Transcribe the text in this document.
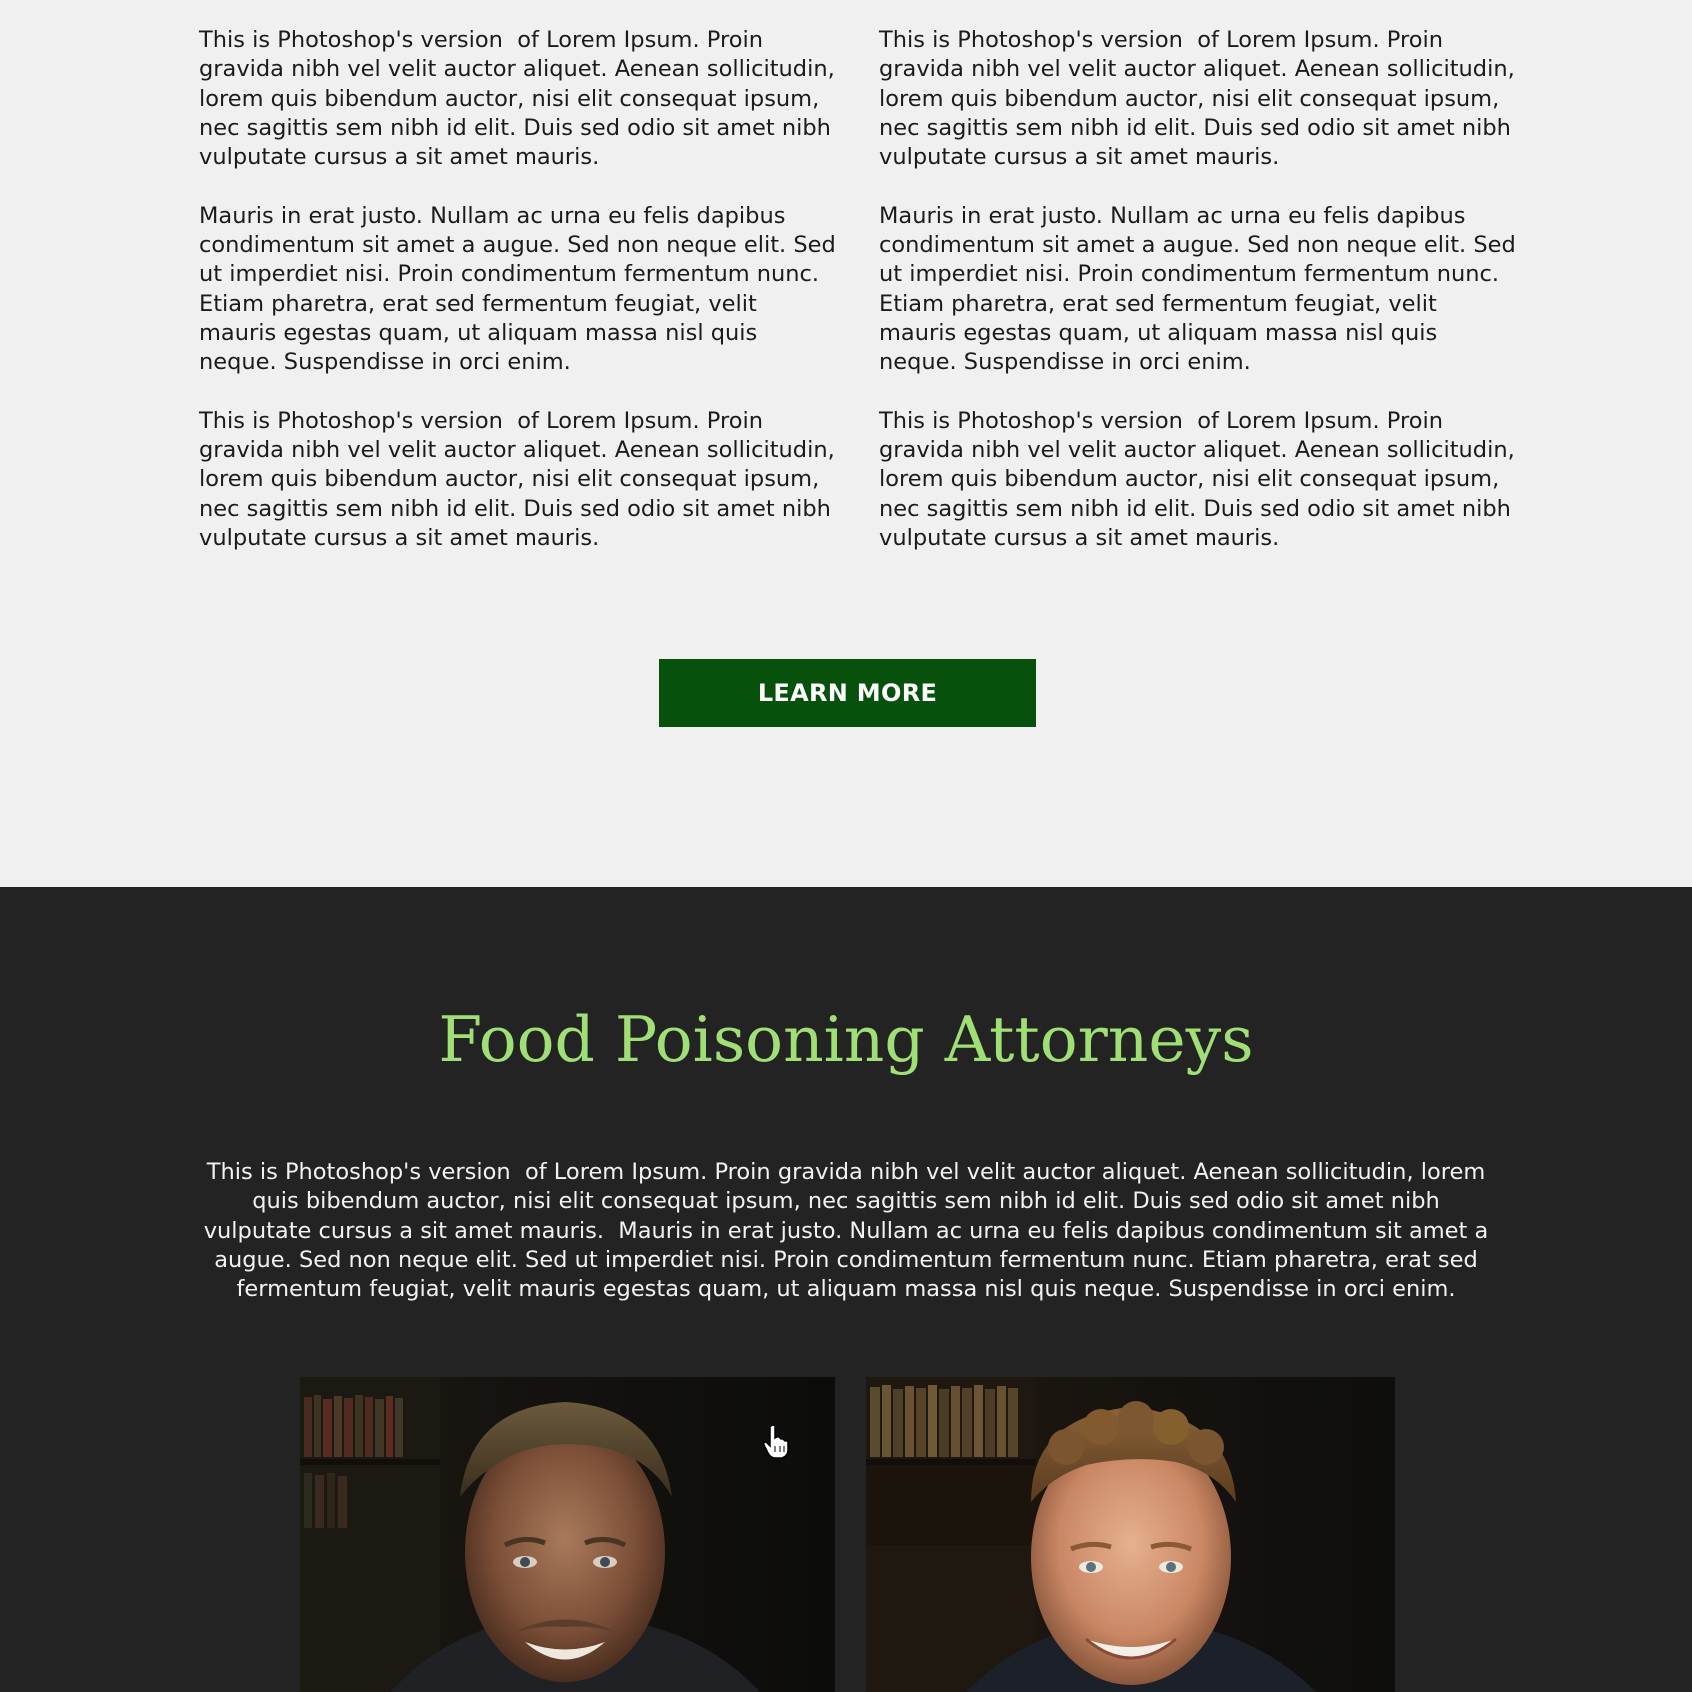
This is Photoshop's version  of Lorem Ipsum. Proin gravida nibh vel velit auctor aliquet. Aenean sollicitudin, lorem quis bibendum auctor, nisi elit consequat ipsum, nec sagittis sem nibh id elit. Duis sed odio sit amet nibh vulputate cursus a sit amet mauris.

Mauris in erat justo. Nullam ac urna eu felis dapibus condimentum sit amet a augue. Sed non neque elit. Sed ut imperdiet nisi. Proin condimentum fermentum nunc. Etiam pharetra, erat sed fermentum feugiat, velit mauris egestas quam, ut aliquam massa nisl quis neque. Suspendisse in orci enim.

This is Photoshop's version  of Lorem Ipsum. Proin gravida nibh vel velit auctor aliquet. Aenean sollicitudin, lorem quis bibendum auctor, nisi elit consequat ipsum, nec sagittis sem nibh id elit. Duis sed odio sit amet nibh vulputate cursus a sit amet mauris.

This is Photoshop's version  of Lorem Ipsum. Proin gravida nibh vel velit auctor aliquet. Aenean sollicitudin, lorem quis bibendum auctor, nisi elit consequat ipsum, nec sagittis sem nibh id elit. Duis sed odio sit amet nibh vulputate cursus a sit amet mauris.

Mauris in erat justo. Nullam ac urna eu felis dapibus condimentum sit amet a augue. Sed non neque elit. Sed ut imperdiet nisi. Proin condimentum fermentum nunc. Etiam pharetra, erat sed fermentum feugiat, velit mauris egestas quam, ut aliquam massa nisl quis neque. Suspendisse in orci enim.

This is Photoshop's version  of Lorem Ipsum. Proin gravida nibh vel velit auctor aliquet. Aenean sollicitudin, lorem quis bibendum auctor, nisi elit consequat ipsum, nec sagittis sem nibh id elit. Duis sed odio sit amet nibh vulputate cursus a sit amet mauris.

LEARN MORE
Food Poisoning Attorneys

This is Photoshop's version  of Lorem Ipsum. Proin gravida nibh vel velit auctor aliquet. Aenean sollicitudin, lorem quis bibendum auctor, nisi elit consequat ipsum, nec sagittis sem nibh id elit. Duis sed odio sit amet nibh vulputate cursus a sit amet mauris.  Mauris in erat justo. Nullam ac urna eu felis dapibus condimentum sit amet a augue. Sed non neque elit. Sed ut imperdiet nisi. Proin condimentum fermentum nunc. Etiam pharetra, erat sed fermentum feugiat, velit mauris egestas quam, ut aliquam massa nisl quis neque. Suspendisse in orci enim.
